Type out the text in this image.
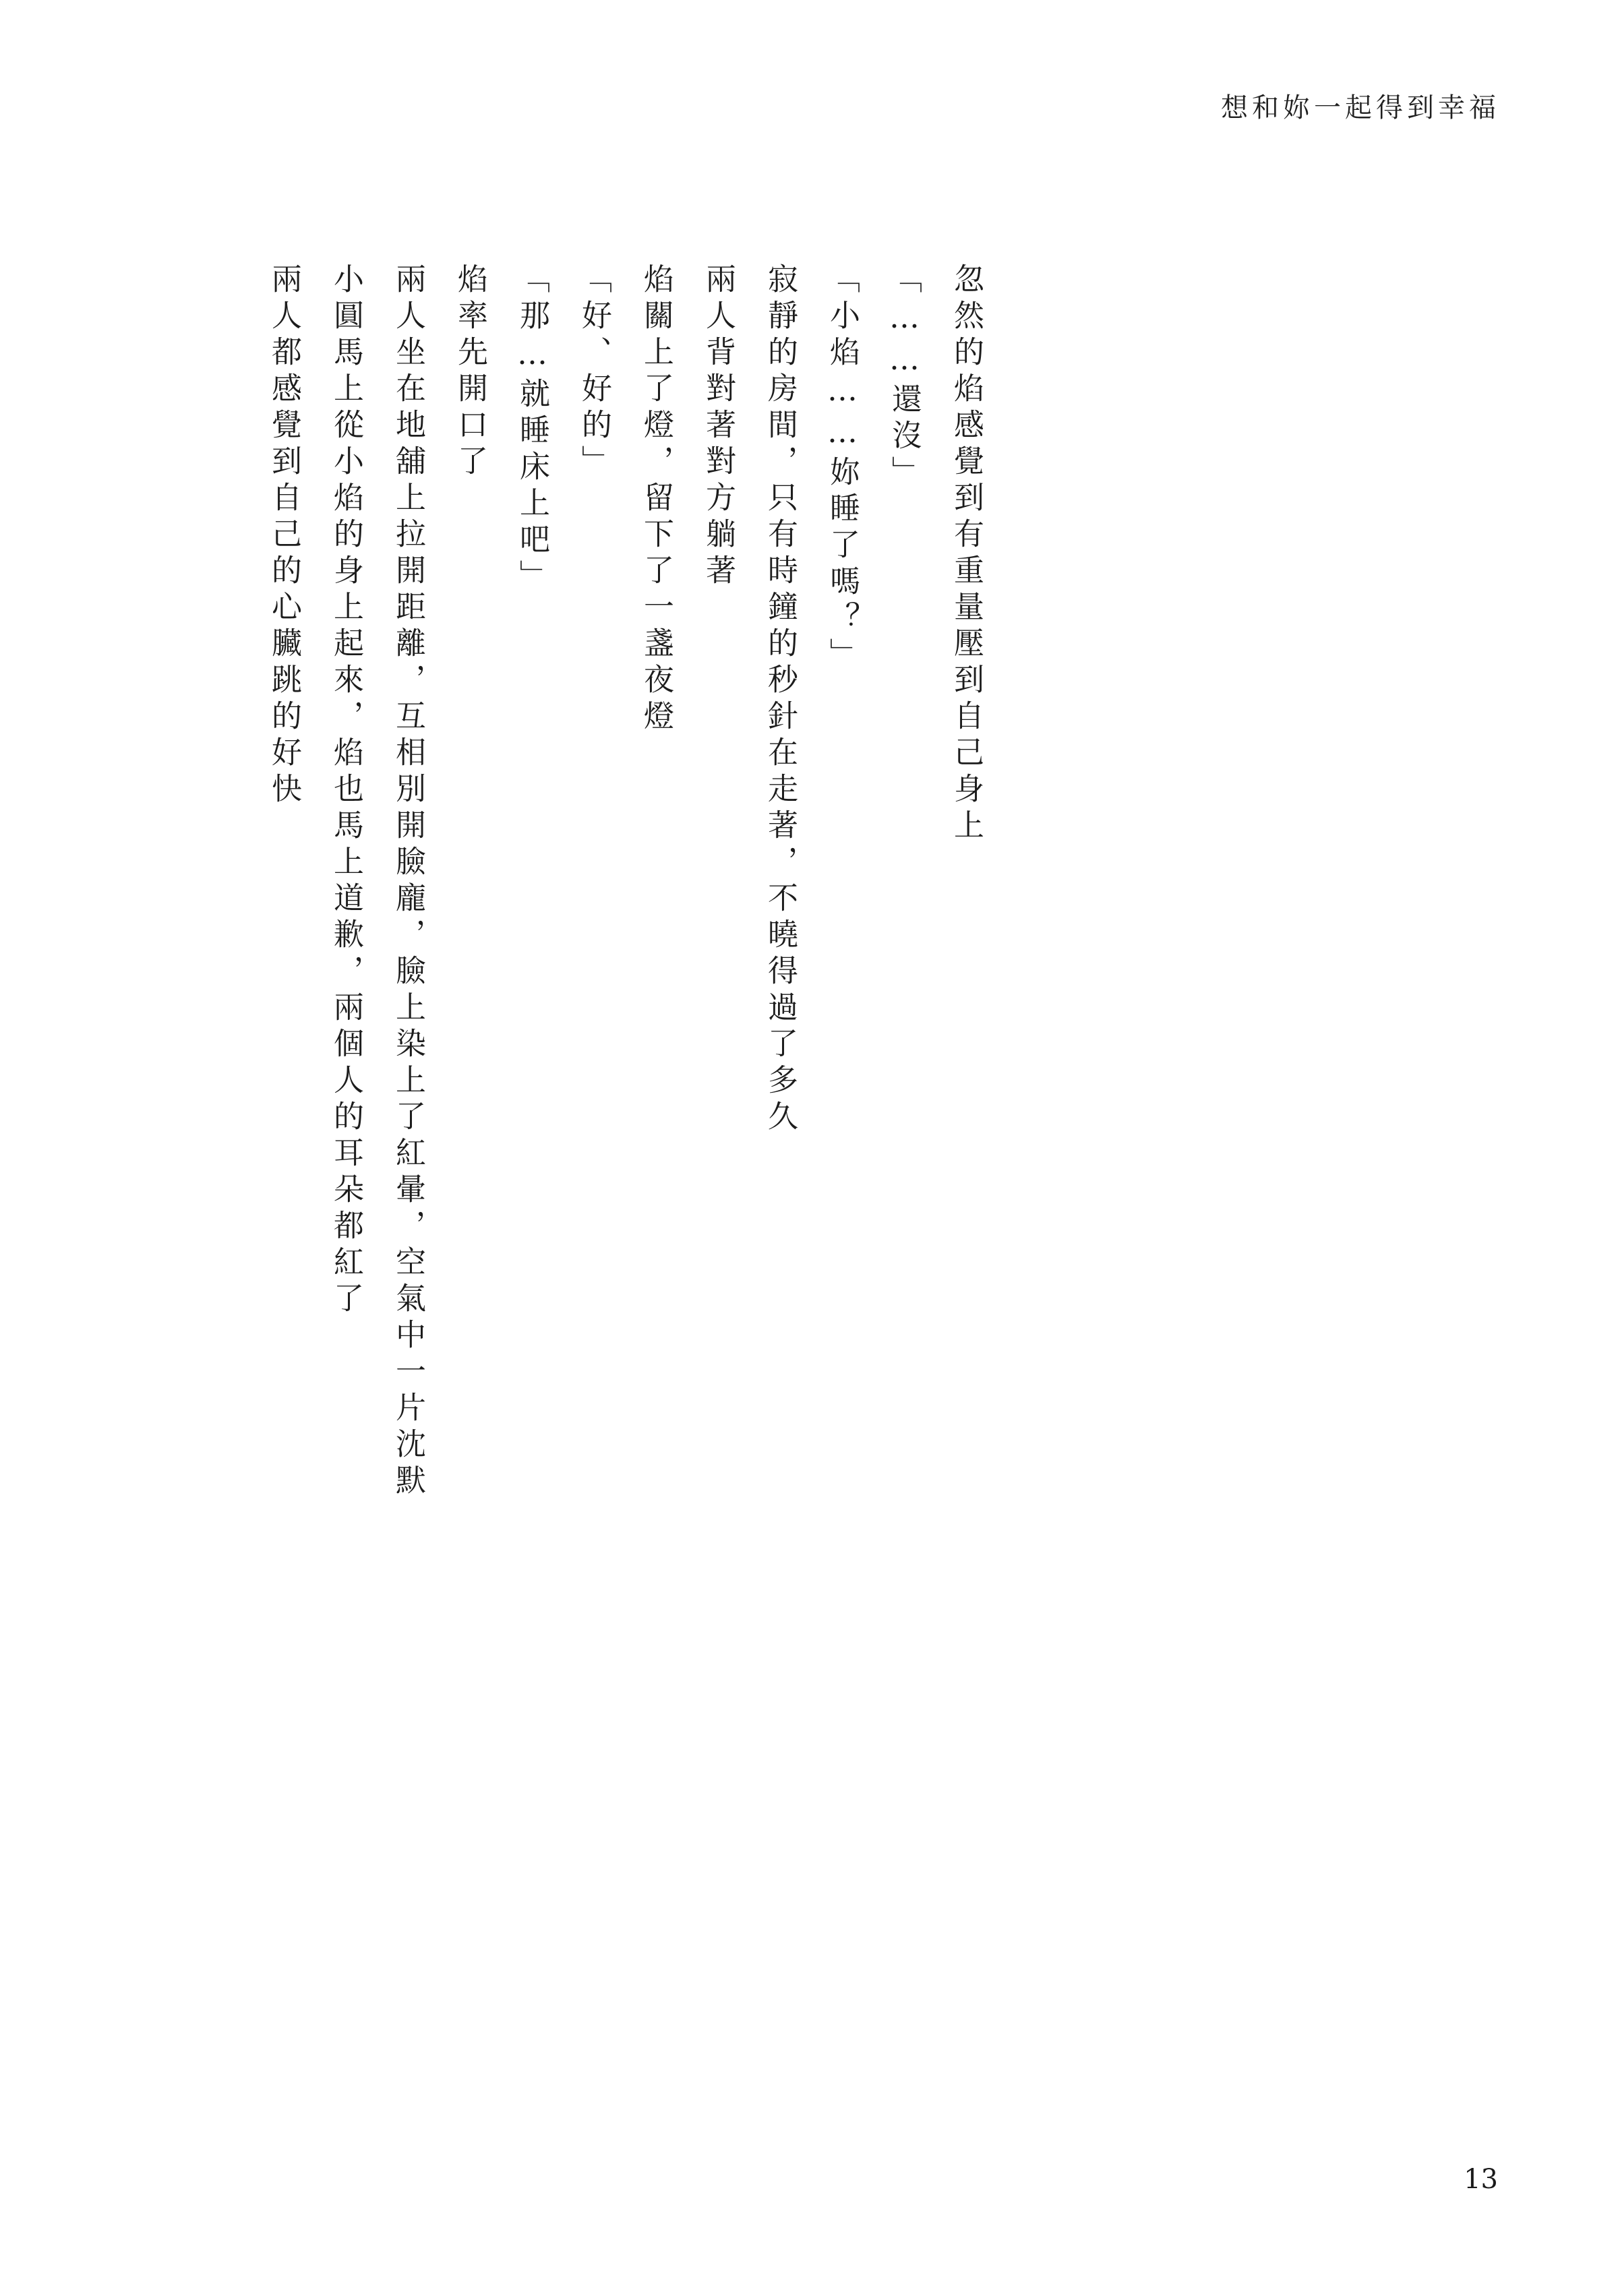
想和妳一起得到幸福
兩人都感覺到自己的心臟跳的好快 小圓馬上從小焰的身上起來，焰也馬上道歉，兩個人的耳朵都紅了 兩人坐在地舖上拉開距離，互相別開臉龐，臉上染上了紅暈，空氣中一片沈默 焰率先開口了 「那…就睡床上吧」 「好、好的」 焰關上了燈，留下了一盞夜燈 兩人背對著對方躺著 寂靜的房間，只有時鐘的秒針在走著，不曉得過了多久 「小焰……妳睡了嗎？」 「……還沒」 忽然的焰感覺到有重量壓到自己身上
13
